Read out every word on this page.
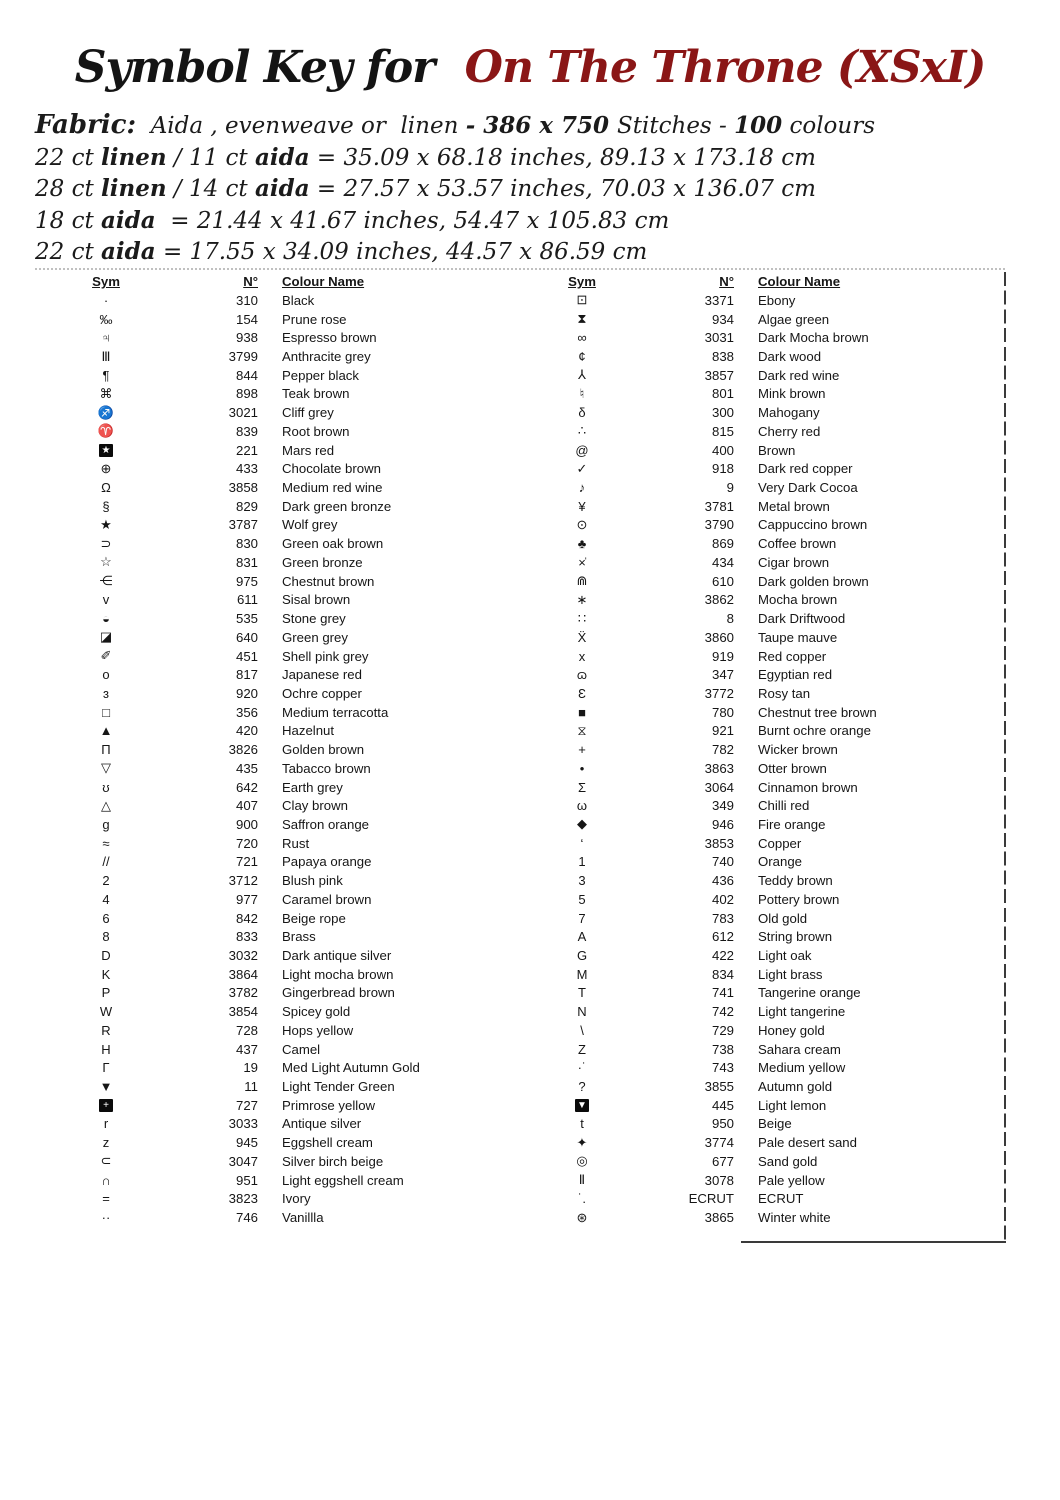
Symbol Key for On The Throne (XSxI)
Fabric:  Aida , evenweave or  linen - 386 x 750 Stitches - 100 colours
22 ct linen / 11 ct aida = 35.09 x 68.18 inches, 89.13 x 173.18 cm
28 ct linen / 14 ct aida = 27.57 x 53.57 inches, 70.03 x 136.07 cm
18 ct aida  = 21.44 x 41.67 inches, 54.47 x 105.83 cm
22 ct aida = 17.55 x 34.09 inches, 44.57 x 86.59 cm
Sym	N° Colour Name
·	310	Black
‰	154	Prune rose
♃	938	Espresso brown
Ⅲ	3799	Anthracite grey
¶	844	Pepper black
⌘	898	Teak brown
♐	3021	Cliff grey
♈	839	Root brown
★	221	Mars red
⊕	433	Chocolate brown
Ω	3858	Medium red wine
§	829	Dark green bronze
★	3787	Wolf grey
⊃	830	Green oak brown
☆	831	Green bronze
⋲	975	Chestnut brown
ᴠ	611	Sisal brown
◒	535	Stone grey
◪	640	Green grey
✐	451	Shell pink grey
o	817	Japanese red
ɜ	920	Ochre copper
□	356	Medium terracotta
▲	420	Hazelnut
Π	3826	Golden brown
▽	435	Tabacco brown
ʊ	642	Earth grey
△	407	Clay brown
g	900	Saffron orange
≈	720	Rust
//	721	Papaya orange
2	3712	Blush pink
4	977	Caramel brown
6	842	Beige rope
8	833	Brass
D	3032	Dark antique silver
K	3864	Light mocha brown
P	3782	Gingerbread brown
W	3854	Spicey gold
R	728	Hops yellow
H	437	Camel
Γ	19	Med Light Autumn Gold
▼	11	Light Tender Green
+	727	Primrose yellow
r	3033	Antique silver
z	945	Eggshell cream
⊂	3047	Silver birch beige
∩	951	Light eggshell cream
=	3823	Ivory
··	746	Vanillla
Sym	N° Colour Name
⊡	3371	Ebony
⧗	934	Algae green
∞	3031	Dark Mocha brown
¢	838	Dark wood
⅄	3857	Dark red wine
♮	801	Mink brown
δ	300	Mahogany
∴	815	Cherry red
@	400	Brown
✓	918	Dark red copper
♪	9	Very Dark Cocoa
¥	3781	Metal brown
⊙	3790	Cappuccino brown
♣	869	Coffee brown
×̍	434	Cigar brown
⋒	610	Dark golden brown
∗	3862	Mocha brown
∷	8	Dark Driftwood
Ẍ	3860	Taupe mauve
x	919	Red copper
ɷ	347	Egyptian red
Ɛ	3772	Rosy tan
■	780	Chestnut tree brown
⧖	921	Burnt ochre orange
+	782	Wicker brown
•	3863	Otter brown
Σ	3064	Cinnamon brown
ω	349	Chilli red
◆	946	Fire orange
‘	3853	Copper
1	740	Orange
3	436	Teddy brown
5	402	Pottery brown
7	783	Old gold
A	612	String brown
G	422	Light oak
M	834	Light brass
T	741	Tangerine orange
N	742	Light tangerine
\	729	Honey gold
Z	738	Sahara cream
·˙	743	Medium yellow
?	3855	Autumn gold
▼	445	Light lemon
t	950	Beige
✦	3774	Pale desert sand
◎	677	Sand gold
Ⅱ	3078	Pale yellow
˙.	ECRUT	ECRUT
⊛	3865	Winter white
